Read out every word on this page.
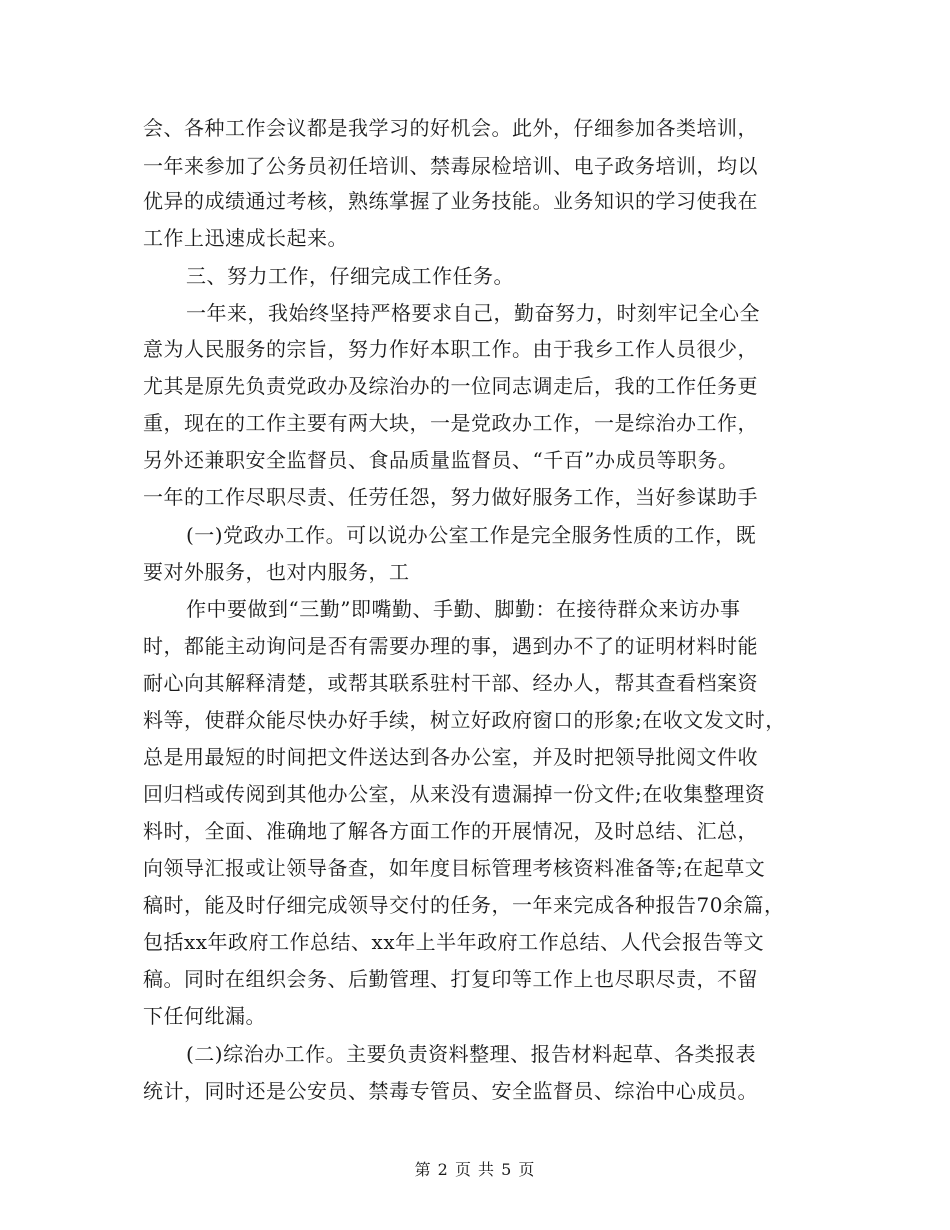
会、各种工作会议都是我学习的好机会。此外，仔细参加各类培训，
一年来参加了公务员初任培训、禁毒尿检培训、电子政务培训，均以
优异的成绩通过考核，熟练掌握了业务技能。业务知识的学习使我在
工作上迅速成长起来。
三、努力工作，仔细完成工作任务。
一年来，我始终坚持严格要求自己，勤奋努力，时刻牢记全心全
意为人民服务的宗旨，努力作好本职工作。由于我乡工作人员很少，
尤其是原先负责党政办及综治办的一位同志调走后，我的工作任务更
重，现在的工作主要有两大块，一是党政办工作，一是综治办工作，
另外还兼职安全监督员、食品质量监督员、“千百”办成员等职务。
一年的工作尽职尽责、任劳任怨，努力做好服务工作，当好参谋助手
(一)党政办工作。可以说办公室工作是完全服务性质的工作，既
要对外服务，也对内服务，工
作中要做到“三勤”即嘴勤、手勤、脚勤：在接待群众来访办事
时，都能主动询问是否有需要办理的事，遇到办不了的证明材料时能
耐心向其解释清楚，或帮其联系驻村干部、经办人，帮其查看档案资
料等，使群众能尽快办好手续，树立好政府窗口的形象;在收文发文时，
总是用最短的时间把文件送达到各办公室，并及时把领导批阅文件收
回归档或传阅到其他办公室，从来没有遗漏掉一份文件;在收集整理资
料时，全面、准确地了解各方面工作的开展情况，及时总结、汇总，
向领导汇报或让领导备查，如年度目标管理考核资料准备等;在起草文
稿时，能及时仔细完成领导交付的任务，一年来完成各种报告70余篇，
包括xx年政府工作总结、xx年上半年政府工作总结、人代会报告等文
稿。同时在组织会务、后勤管理、打复印等工作上也尽职尽责，不留
下任何纰漏。
(二)综治办工作。主要负责资料整理、报告材料起草、各类报表
统计，同时还是公安员、禁毒专管员、安全监督员、综治中心成员。
第 2 页 共 5 页
